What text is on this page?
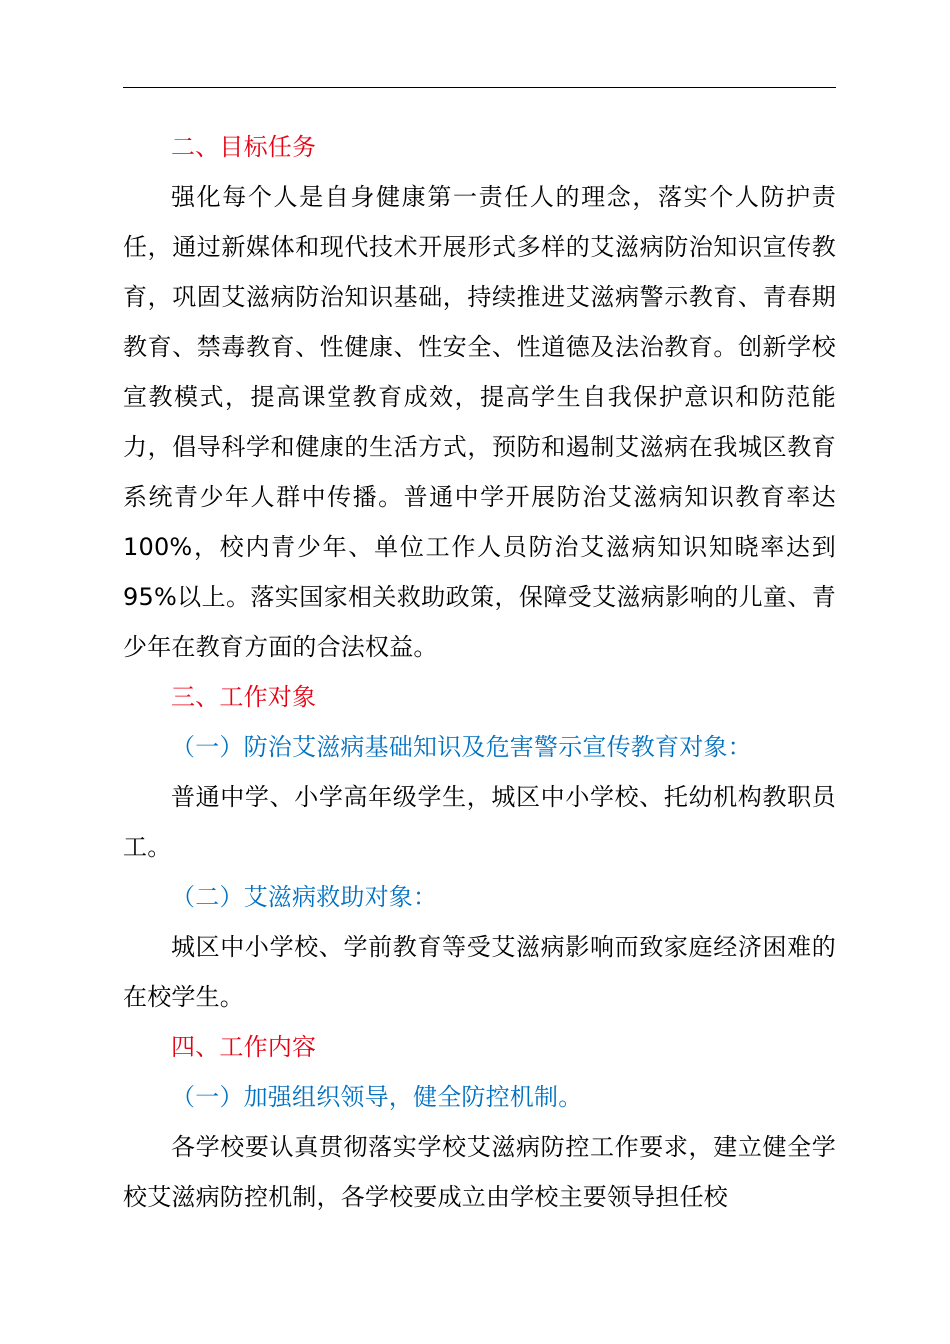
二、目标任务

强化每个人是自身健康第一责任人的理念，落实个人防护责 任，通过新媒体和现代技术开展形式多样的艾滋病防治知识宣传教育，巩固艾滋病防治知识基础，持续推进艾滋病警示教育、青春期教育、禁毒教育、性健康、性安全、性道德及法治教育。创新学校宣教模式，提高课堂教育成效，提高学生自我保护意识和防范能力，倡导科学和健康的生活方式，预防和遏制艾滋病在我城区教育系统青少年人群中传播。普通中学开展防治艾滋病知识教育率达 100%，校内青少年、单位工作人员防治艾滋病知识知晓率达到 95%以上。落实国家相关救助政策，保障受艾滋病影响的儿童、青少年在教育方面的合法权益。

三、工作对象

（一）防治艾滋病基础知识及危害警示宣传教育对象：

普通中学、小学高年级学生，城区中小学校、托幼机构教职员工。

（二）艾滋病救助对象：

城区中小学校、学前教育等受艾滋病影响而致家庭经济困难的在校学生。

四、工作内容

（一）加强组织领导，健全防控机制。

各学校要认真贯彻落实学校艾滋病防控工作要求，建立健全学校艾滋病防控机制，各学校要成立由学校主要领导担任校
